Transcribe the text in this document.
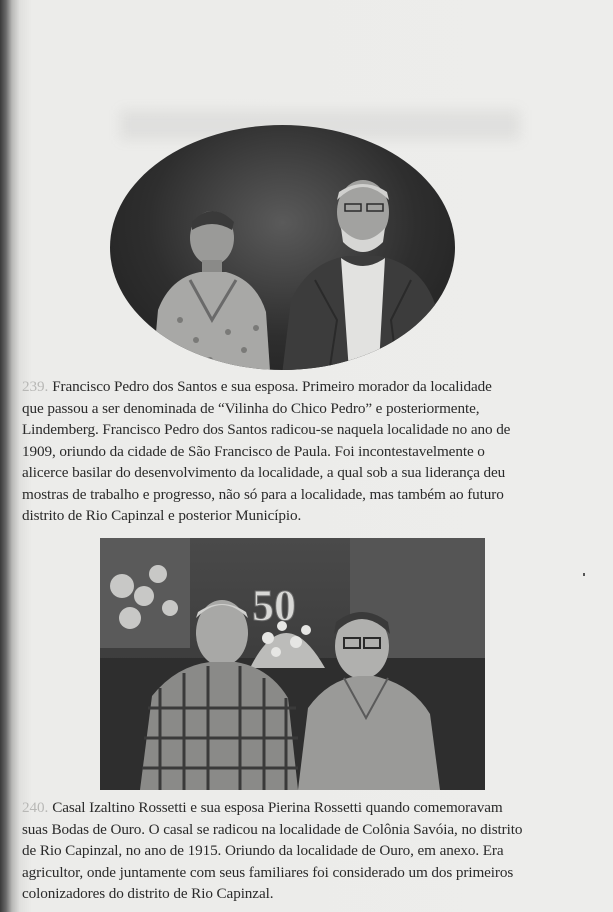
239. Francisco Pedro dos Santos e sua esposa. Primeiro morador da localidade
que passou a ser denominada de “Vilinha do Chico Pedro” e posteriormente,
Lindemberg. Francisco Pedro dos Santos radicou-se naquela localidade no ano de
1909, oriundo da cidade de São Francisco de Paula. Foi incontestavelmente o
alicerce basilar do desenvolvimento da localidade, a qual sob a sua liderança deu
mostras de trabalho e progresso, não só para a localidade, mas também ao futuro
distrito de Rio Capinzal e posterior Município.
50
240. Casal Izaltino Rossetti e sua esposa Pierina Rossetti quando comemoravam
suas Bodas de Ouro. O casal se radicou na localidade de Colônia Savóia, no distrito
de Rio Capinzal, no ano de 1915. Oriundo da localidade de Ouro, em anexo. Era
agricultor, onde juntamente com seus familiares foi considerado um dos primeiros
colonizadores do distrito de Rio Capinzal.
